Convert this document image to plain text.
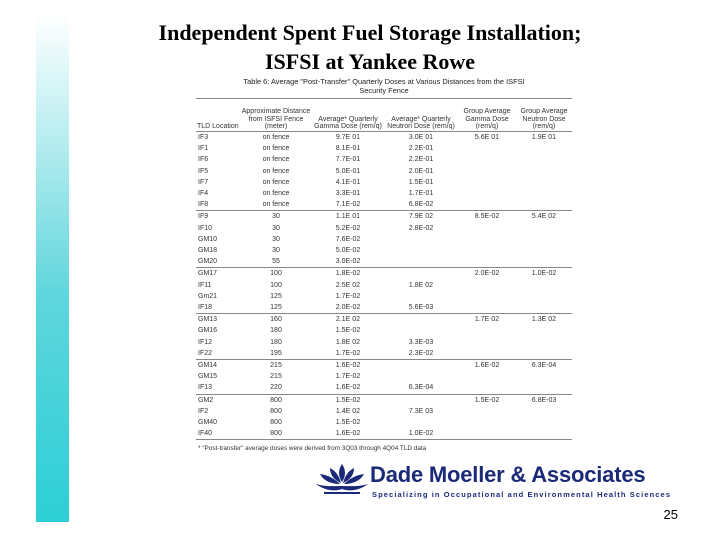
Independent Spent Fuel Storage Installation;
ISFSI at Yankee Rowe
Table 6: Average "Post-Transfer" Quarterly Doses at Various Distances from the ISFSI
Security Fence
TLD Location	Approximate Distance from ISFSI Fence (meter)	Average* Quarterly Gamma Dose (rem/q)	Average* Quarterly Neutron Dose (rem/q)	Group Average Gamma Dose (rem/q)	Group Average Neutron Dose (rem/q)
IF3	on fence	9.7E 01	3.0E 01	5.6E 01	1.9E 01
IF1	on fence	8.1E-01	2.2E-01		
IF6	on fence	7.7E-01	2.2E-01		
IF5	on fence	5.0E-01	2.0E-01		
IF7	on fence	4.1E-01	1.5E-01		
IF4	on fence	3.3E-01	1.7E-01		
IF8	on fence	7.1E-02	6.8E-02		
IF9	30	1.1E 01	7.9E 02	8.5E-02	5.4E 02
IF10	30	5.2E-02	2.8E-02		
GM10	30	7.6E-02			
GM18	30	5.0E-02			
GM20	55	3.0E-02			
GM17	100	1.8E-02		2.0E-02	1.0E-02
IF11	100	2.5E 02	1.8E 02		
Gm21	125	1.7E-02			
IF18	125	2.0E-02	5.6E-03		
GM13	160	2.1E 02		1.7E 02	1.3E 02
GM16	180	1.5E-02			
IF12	180	1.8E 02	3.3E-03		
IF22	195	1.7E-02	2.3E-02		
GM14	215	1.6E-02		1.6E-02	6.3E-04
GM15	215	1.7E-02			
IF13	220	1.6E-02	6.3E-04		
GM2	800	1.5E-02		1.5E-02	6.8E-03
IF2	800	1.4E 02	7.3E 03		
GM40	800	1.5E-02			
IF40	800	1.6E-02	1.0E-02		
* "Post-transfer" average doses were derived from 3Q03 through 4Q04 TLD data
Dade Moeller & Associates
Specializing in Occupational and Environmental Health Sciences
25
